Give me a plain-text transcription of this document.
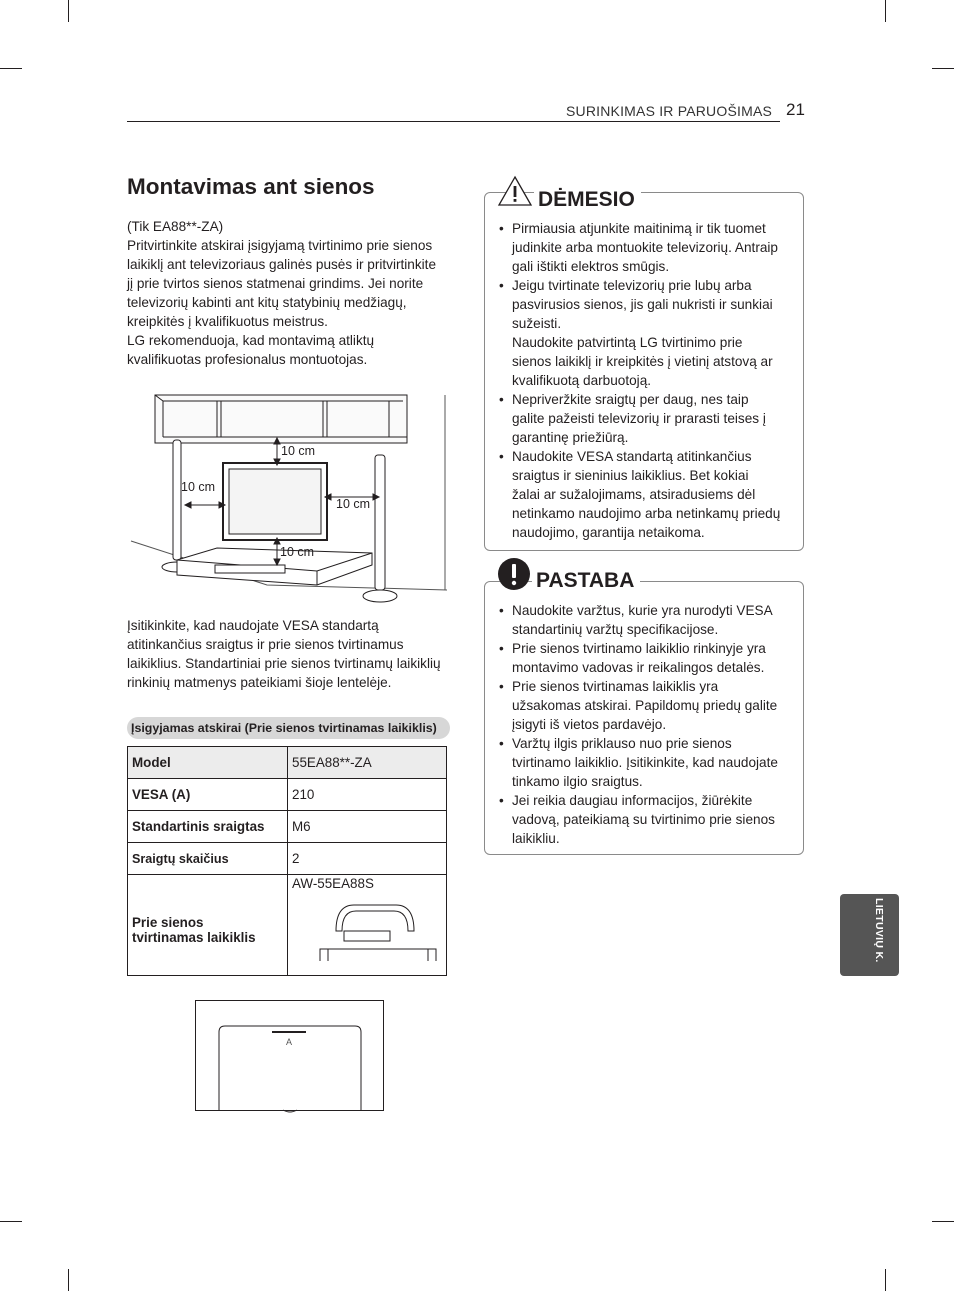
SURINKIMAS IR PARUOŠIMAS 21
Montavimas ant sienos
(Tik EA88**-ZA)
Pritvirtinkite atskirai įsigyjamą tvirtinimo prie sienos
laikiklį ant televizoriaus galinės pusės ir pritvirtinkite
jį prie tvirtos sienos statmenai grindims. Jei norite
televizorių kabinti ant kitų statybinių medžiagų,
kreipkitės į kvalifikuotus meistrus.
LG rekomenduoja, kad montavimą atliktų
kvalifikuotas profesionalus montuotojas.
10 cm
10 cm
10 cm
10 cm
Įsitikinkite, kad naudojate VESA standartą
atitinkančius sraigtus ir prie sienos tvirtinamus
laikiklius. Standartiniai prie sienos tvirtinamų laikiklių
rinkinių matmenys pateikiami šioje lentelėje.
Įsigyjamas atskirai (Prie sienos tvirtinamas laikiklis)
Model	55EA88**-ZA
VESA (A)	210
Standartinis sraigtas	M6
Sraigtų skaičius	2

Prie sienos
tvirtinamas laikiklis	AW-55EA88S
A
DĖMESIO
• Pirmiausia atjunkite maitinimą ir tik tuomet
judinkite arba montuokite televizorių. Antraip
gali ištikti elektros smūgis.
• Jeigu tvirtinate televizorių prie lubų arba
pasvirusios sienos, jis gali nukristi ir sunkiai
sužeisti.
Naudokite patvirtintą LG tvirtinimo prie
sienos laikiklį ir kreipkitės į vietinį atstovą ar
kvalifikuotą darbuotoją.
• Nepriveržkite sraigtų per daug, nes taip
galite pažeisti televizorių ir prarasti teises į
garantinę priežiūrą.
• Naudokite VESA standartą atitinkančius
sraigtus ir sieninius laikiklius. Bet kokiai
žalai ar sužalojimams, atsiradusiems dėl
netinkamo naudojimo arba netinkamų priedų
naudojimo, garantija netaikoma.
PASTABA
• Naudokite varžtus, kurie yra nurodyti VESA
standartinių varžtų specifikacijose.
• Prie sienos tvirtinamo laikiklio rinkinyje yra
montavimo vadovas ir reikalingos detalės.
• Prie sienos tvirtinamas laikiklis yra
užsakomas atskirai. Papildomų priedų galite
įsigyti iš vietos pardavėjo.
• Varžtų ilgis priklauso nuo prie sienos
tvirtinamo laikiklio. Įsitikinkite, kad naudojate
tinkamo ilgio sraigtus.
• Jei reikia daugiau informacijos, žiūrėkite
vadovą, pateikiamą su tvirtinimo prie sienos
laikikliu.
LIETUVIŲ K.
